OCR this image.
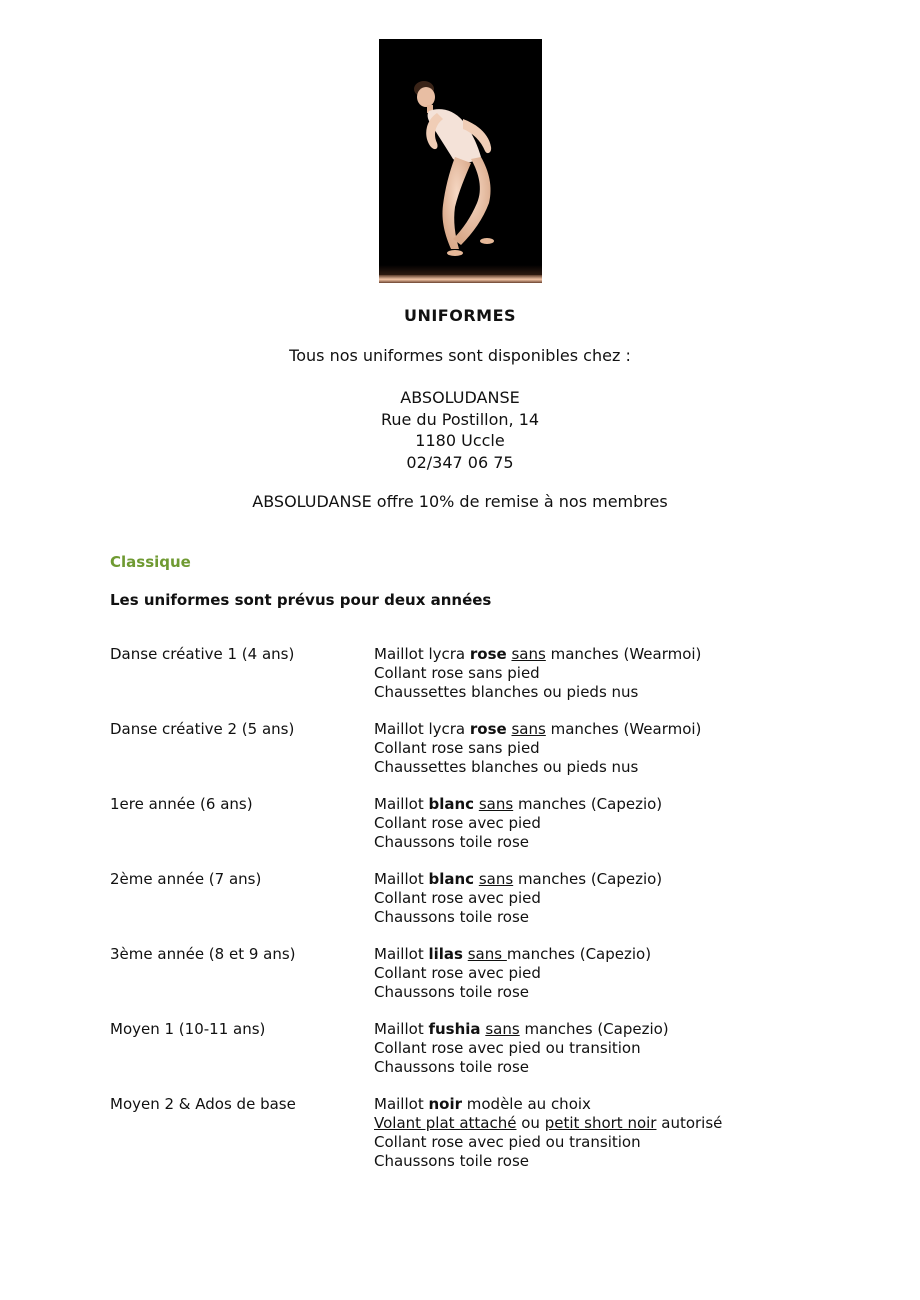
UNIFORMES
Tous nos uniformes sont disponibles chez :
ABSOLUDANSE
Rue du Postillon, 14
1180 Uccle
02/347 06 75
ABSOLUDANSE offre 10% de remise à nos membres
Classique
Les uniformes sont prévus pour deux années
Danse créative 1 (4 ans)	Maillot lycra rose sans manches (Wearmoi)
Collant rose sans pied
Chaussettes blanches ou pieds nus
Danse créative 2 (5 ans)	Maillot lycra rose sans manches (Wearmoi)
Collant rose sans pied
Chaussettes blanches ou pieds nus
1ere année (6 ans)	Maillot blanc sans manches (Capezio)
Collant rose avec pied
Chaussons toile rose
2ème année (7 ans)	Maillot blanc sans manches (Capezio)
Collant rose avec pied
Chaussons toile rose
3ème année (8 et 9 ans)	Maillot lilas sans manches (Capezio)
Collant rose avec pied
Chaussons toile rose
Moyen 1 (10-11 ans)	Maillot fushia sans manches (Capezio)
Collant rose avec pied ou transition
Chaussons toile rose
Moyen 2 & Ados de base	Maillot noir modèle au choix
Volant plat attaché ou petit short noir autorisé
Collant rose avec pied ou transition
Chaussons toile rose
